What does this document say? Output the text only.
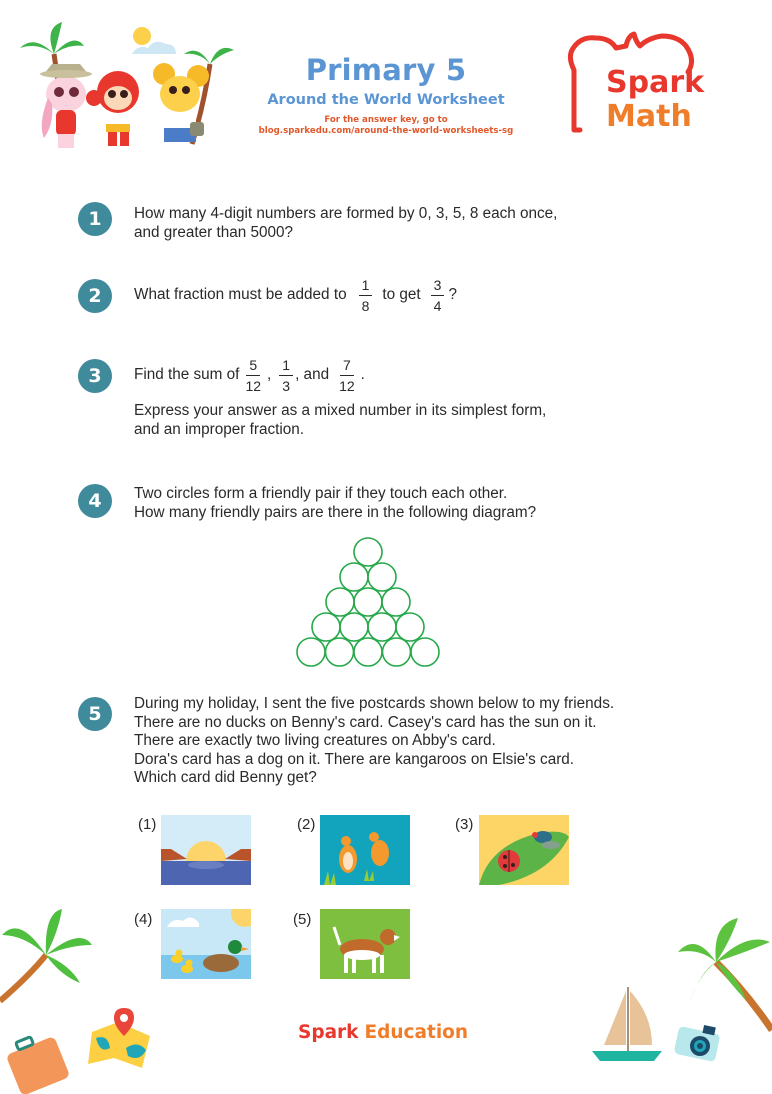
Primary 5
Around the World Worksheet
For the answer key, go to
blog.sparkedu.com/around-the-world-worksheets-sg
Spark
Math
1	How many 4-digit numbers are formed by 0, 3, 5, 8 each once,
and greater than 5000?
2	What fraction must be added to $\frac{1}{8}$ to get $\frac{3}{4}$ ?
3	Find the sum of $\frac{5}{12}$ , $\frac{1}{3}$ , and $\frac{7}{12}$ .
Express your answer as a mixed number in its simplest form,
and an improper fraction.
4	Two circles form a friendly pair if they touch each other.
How many friendly pairs are there in the following diagram?
5	During my holiday, I sent the five postcards shown below to my friends.
There are no ducks on Benny's card. Casey's card has the sun on it.
There are exactly two living creatures on Abby's card.
Dora's card has a dog on it. There are kangaroos on Elsie's card.
Which card did Benny get?
(1)	(2)	(3)
(4)	(5)
Spark Education
